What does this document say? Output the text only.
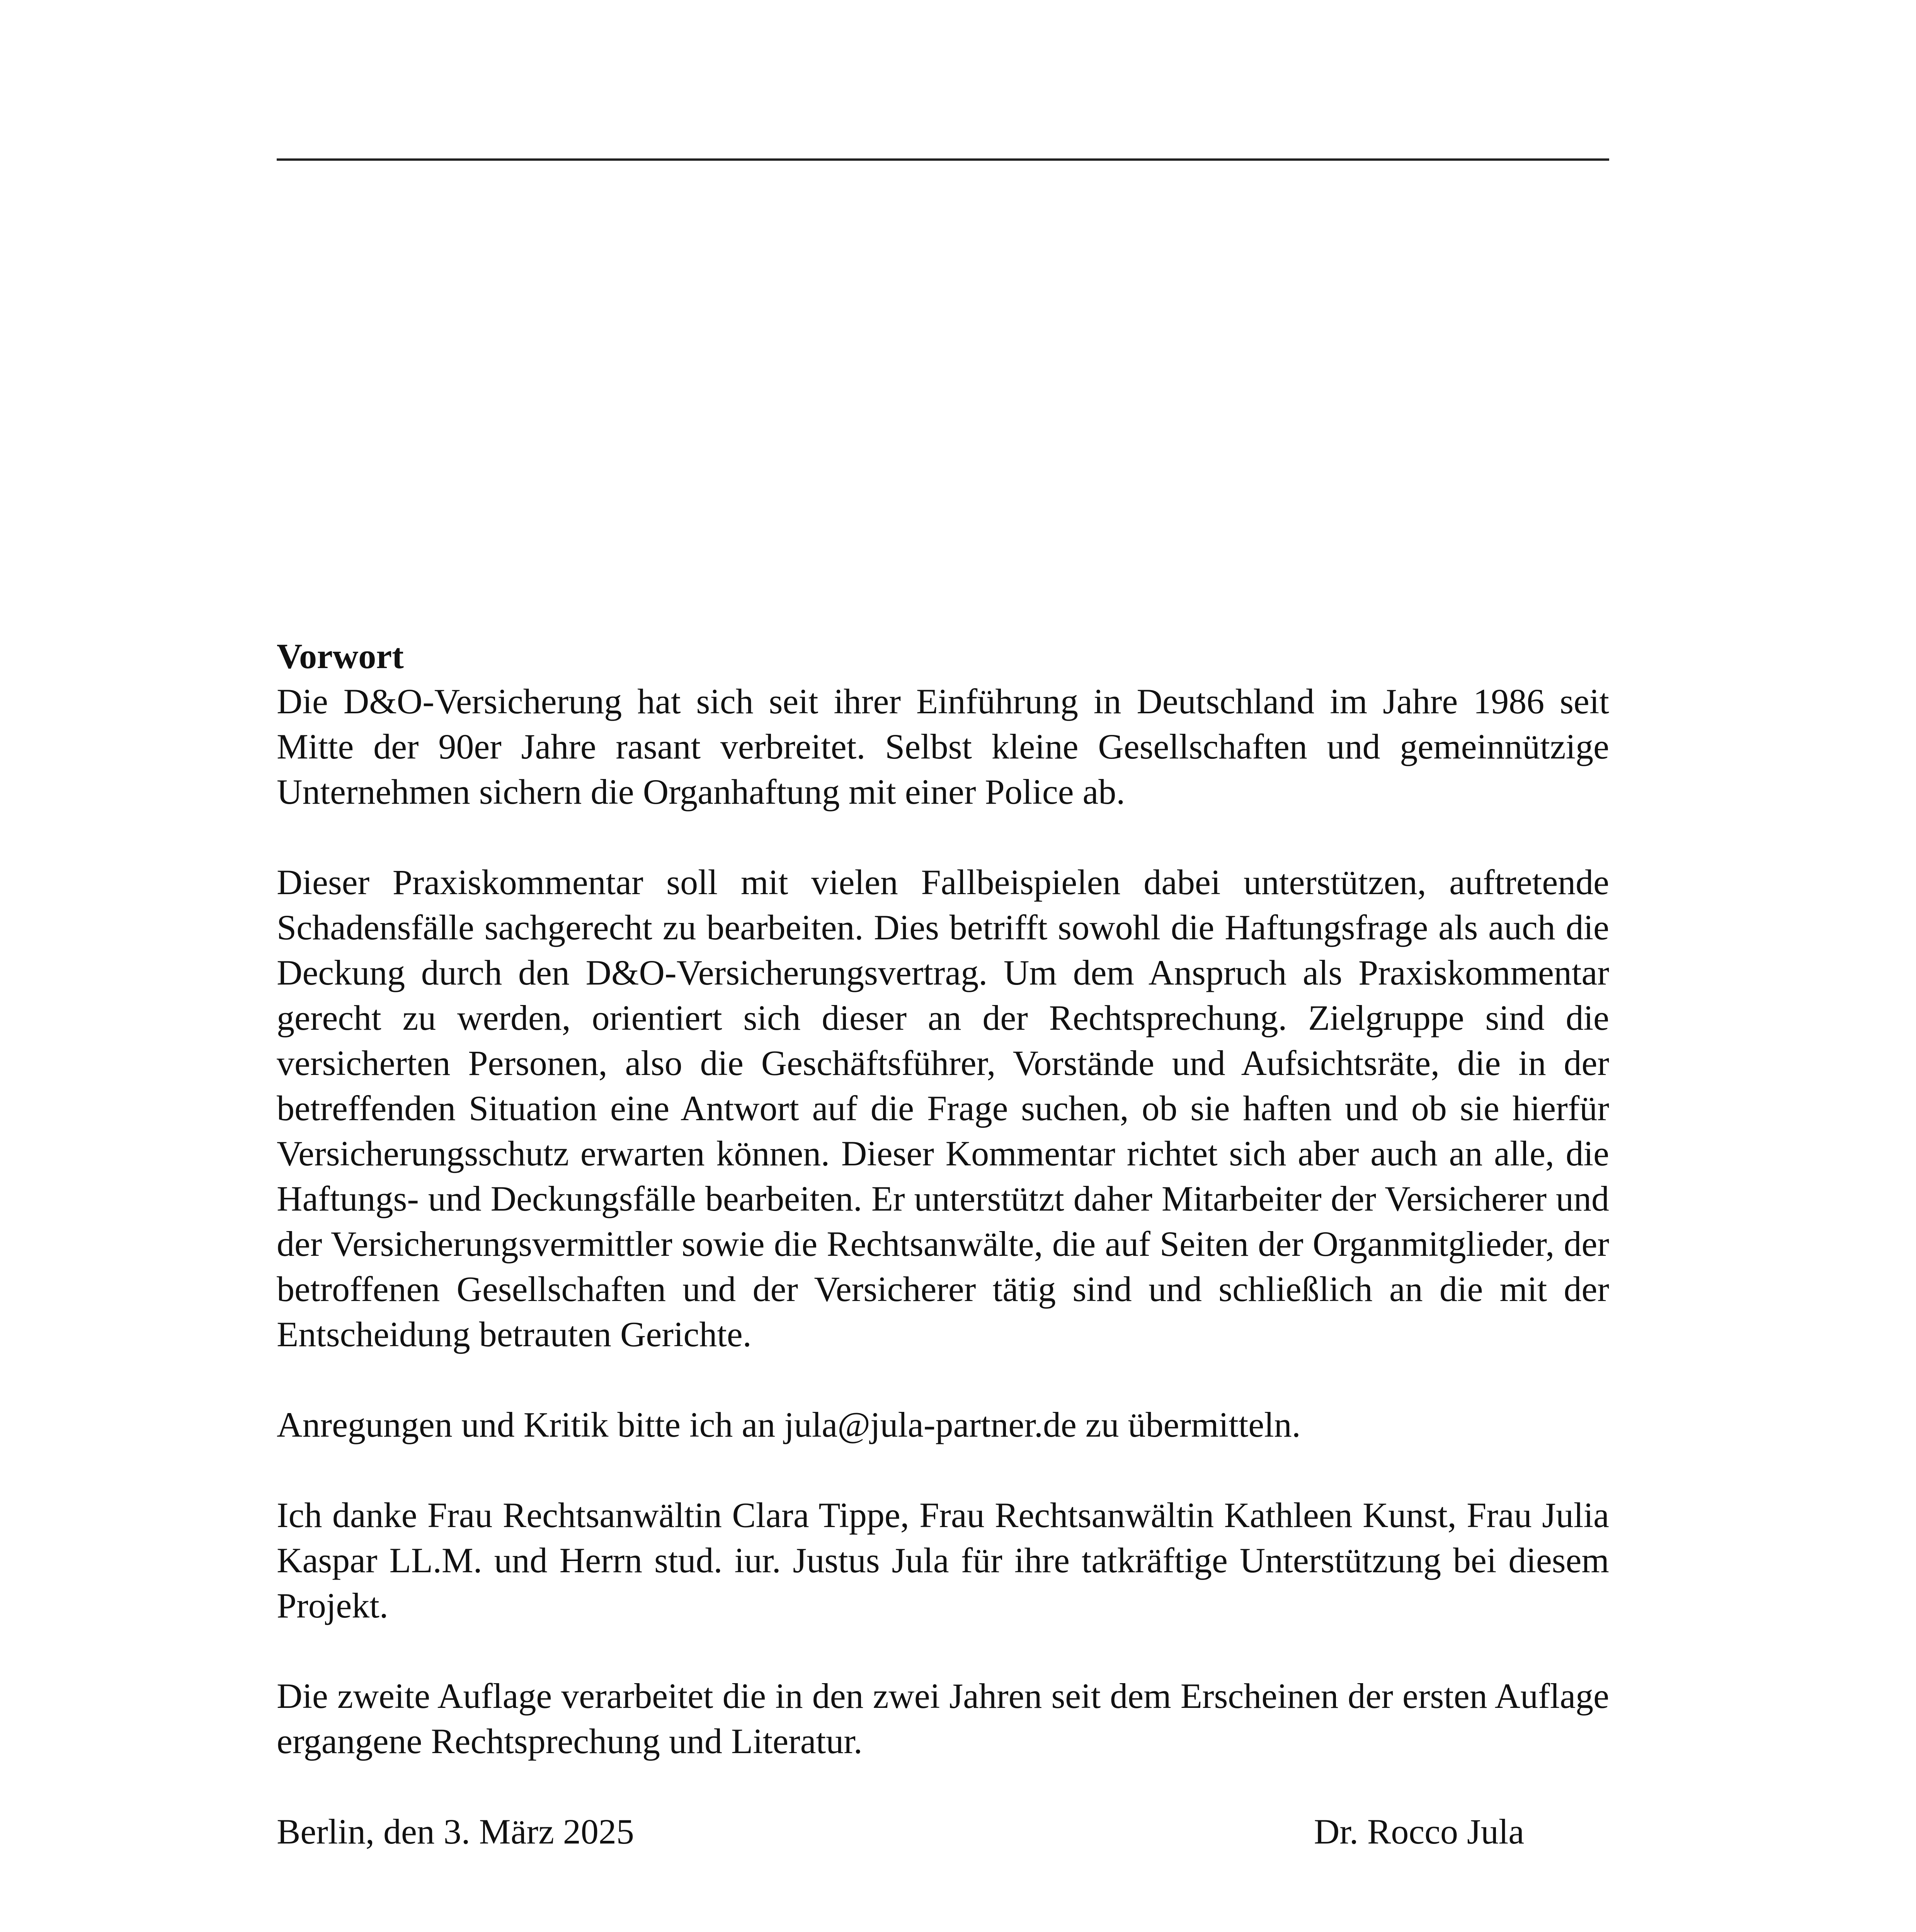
Vorwort

Die D&O-Versicherung hat sich seit ihrer Einführung in Deutschland im Jahre 1986 seit Mitte der 90er Jahre rasant verbreitet. Selbst kleine Gesellschaften und gemeinnützige Unternehmen sichern die Organhaftung mit einer Police ab.

Dieser Praxiskommentar soll mit vielen Fallbeispielen dabei unterstützen, auftretende Schadensfälle sachgerecht zu bearbeiten. Dies betrifft sowohl die Haftungsfrage als auch die Deckung durch den D&O-Versicherungsvertrag. Um dem Anspruch als Praxiskommentar gerecht zu werden, orientiert sich dieser an der Rechtsprechung. Zielgruppe sind die versicherten Personen, also die Geschäftsführer, Vorstände und Aufsichtsräte, die in der betreffenden Situation eine Antwort auf die Frage suchen, ob sie haften und ob sie hierfür Versicherungsschutz erwarten können. Dieser Kommentar richtet sich aber auch an alle, die Haftungs- und Deckungsfälle bearbeiten. Er unterstützt daher Mitarbeiter der Versicherer und der Versicherungsvermittler sowie die Rechtsanwälte, die auf Seiten der Organmitglieder, der betroffenen Gesellschaften und der Versicherer tätig sind und schließlich an die mit der Entscheidung betrauten Gerichte.

Anregungen und Kritik bitte ich an jula@jula-partner.de zu übermitteln.

Ich danke Frau Rechtsanwältin Clara Tippe, Frau Rechtsanwältin Kathleen Kunst, Frau Julia Kaspar LL.M. und Herrn stud. iur. Justus Jula für ihre tatkräftige Unterstützung bei diesem Projekt.

Die zweite Auflage verarbeitet die in den zwei Jahren seit dem Erscheinen der ersten Auflage ergangene Rechtsprechung und Literatur.

Berlin, den 3. März 2025	Dr. Rocco Jula
